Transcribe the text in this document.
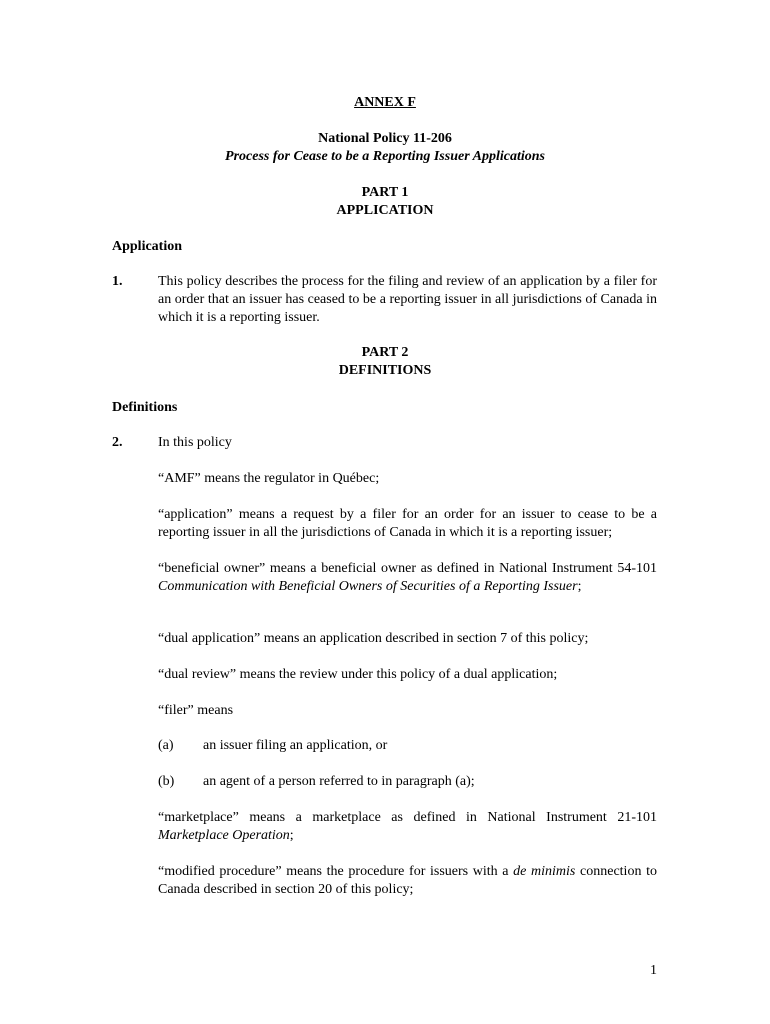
ANNEX F

National Policy 11-206

Process for Cease to be a Reporting Issuer Applications

PART 1

APPLICATION

Application

1.	This policy describes the process for the filing and review of an application by a filer for an order that an issuer has ceased to be a reporting issuer in all jurisdictions of Canada in which it is a reporting issuer.

PART 2

DEFINITIONS

Definitions

2.	In this policy

“AMF” means the regulator in Québec;

“application” means a request by a filer for an order for an issuer to cease to be a reporting issuer in all the jurisdictions of Canada in which it is a reporting issuer;

“beneficial owner” means a beneficial owner as defined in National Instrument 54-101 Communication with Beneficial Owners of Securities of a Reporting Issuer;

“dual application” means an application described in section 7 of this policy;

“dual review” means the review under this policy of a dual application;

“filer” means

(a) an issuer filing an application, or
(b) an agent of a person referred to in paragraph (a);

“marketplace” means a marketplace as defined in National Instrument 21-101 Marketplace Operation;

“modified procedure” means the procedure for issuers with a de minimis connection to Canada described in section 20 of this policy;

1
